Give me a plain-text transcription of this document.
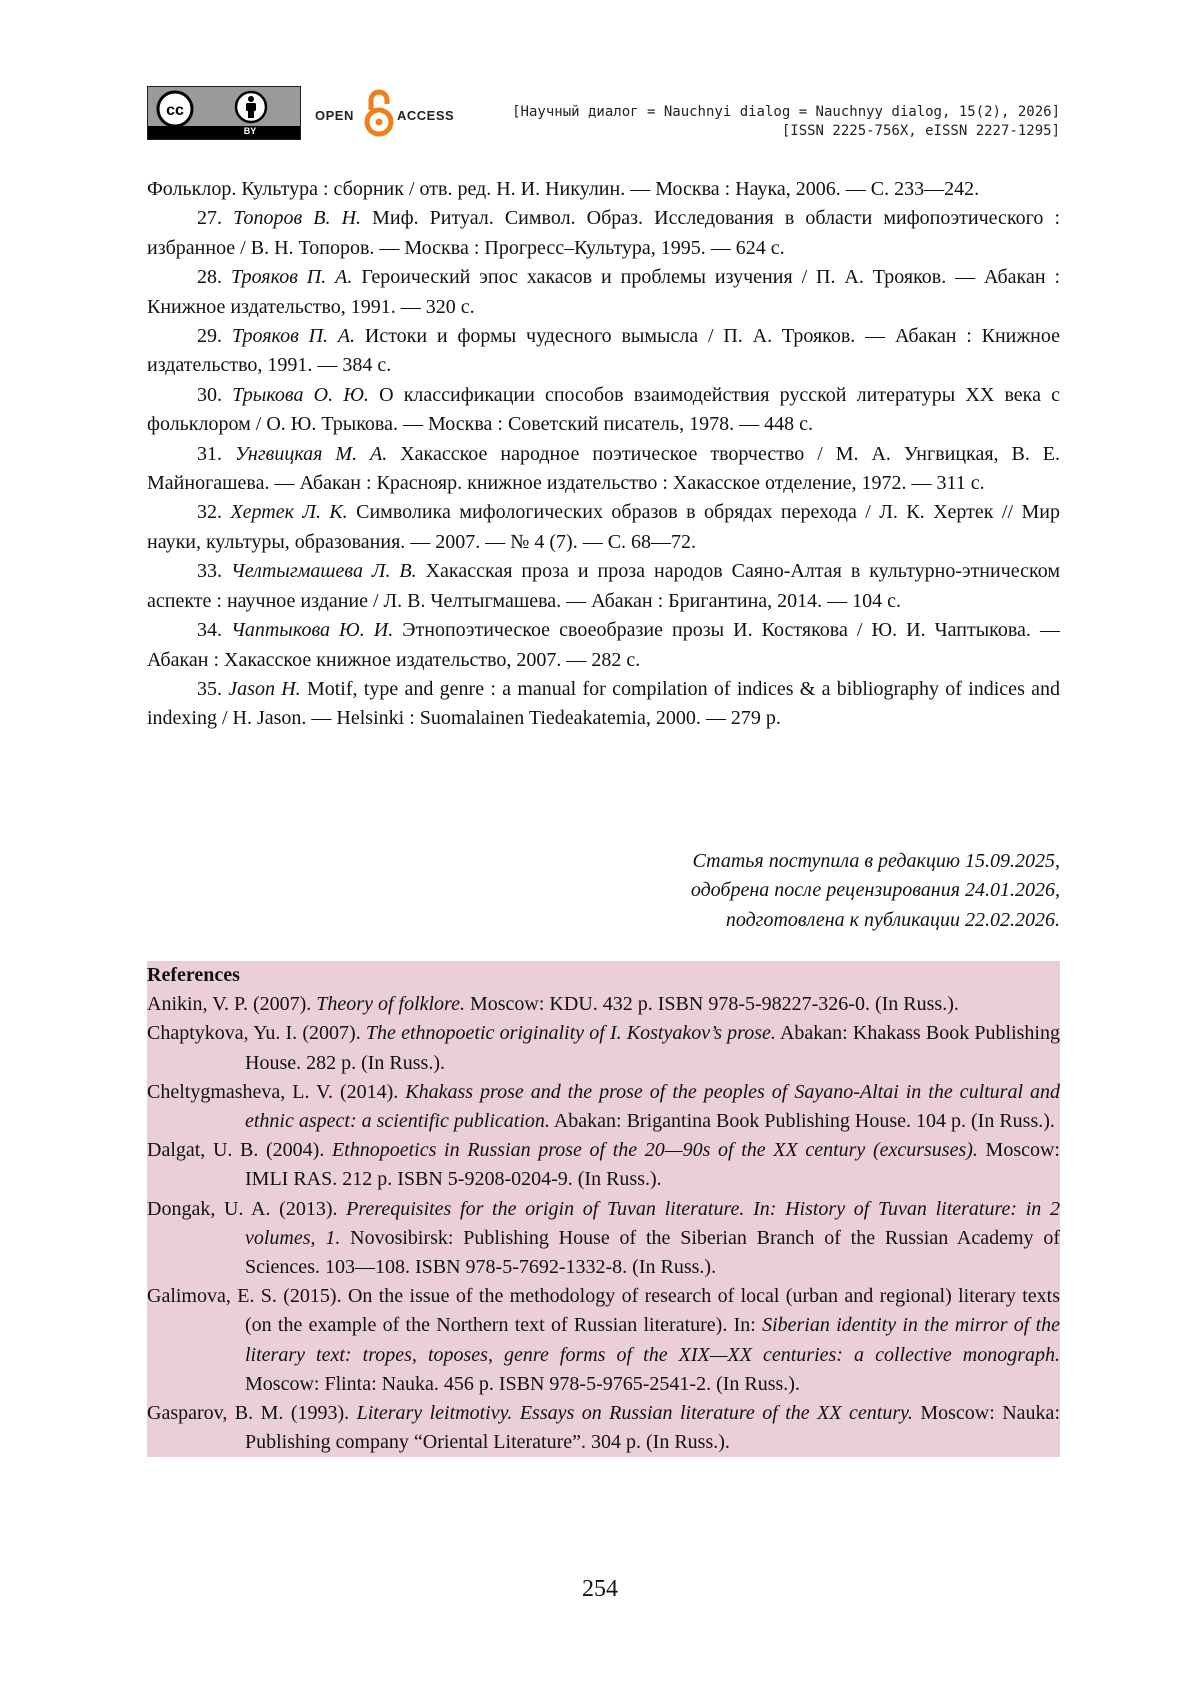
cc
BY
OPEN	ACCESS	[Научный диалог = Nauchnyi dialog = Nauchnyy dialog, 15(2), 2026]
[ISSN 2225-756X, eISSN 2227-1295]

Фольклор. Культура : сборник / отв. ред. Н. И. Никулин. — Москва : Наука, 2006. — С. 233—242.

27. Топоров В. Н. Миф. Ритуал. Символ. Образ. Исследования в области мифопоэтического : избранное / В. Н. Топоров. — Москва : Прогресс–Культура, 1995. — 624 с.

28. Трояков П. А. Героический эпос хакасов и проблемы изучения / П. А. Трояков. — Абакан : Книжное издательство, 1991. — 320 с.

29. Трояков П. А. Истоки и формы чудесного вымысла / П. А. Трояков. — Абакан : Книжное издательство, 1991. — 384 с.

30. Трыкова О. Ю. О классификации способов взаимодействия русской литературы XX века с фольклором / О. Ю. Трыкова. — Москва : Советский писатель, 1978. — 448 с.

31. Унгвицкая М. А. Хакасское народное поэтическое творчество / М. А. Унгвицкая, В. Е. Майногашева. — Абакан : Краснояр. книжное издательство : Хакасское отделение, 1972. — 311 с.

32. Хертек Л. К. Символика мифологических образов в обрядах перехода / Л. К. Хертек // Мир науки, культуры, образования. — 2007. — № 4 (7). — С. 68—72.

33. Челтыгмашева Л. В. Хакасская проза и проза народов Саяно-Алтая в культурно-этническом аспекте : научное издание / Л. В. Челтыгмашева. — Абакан : Бригантина, 2014. — 104 с.

34. Чаптыкова Ю. И. Этнопоэтическое своеобразие прозы И. Костякова / Ю. И. Чаптыкова. — Абакан : Хакасское книжное издательство, 2007. — 282 с.

35. Jason H. Motif, type and genre : a manual for compilation of indices & a bibliography of indices and indexing / H. Jason. — Helsinki : Suomalainen Tiedeakatemia, 2000. — 279 p.

Статья поступила в редакцию 15.09.2025,
одобрена после рецензирования 24.01.2026,
подготовлена к публикации 22.02.2026.
References

Anikin, V. P. (2007). Theory of folklore. Moscow: KDU. 432 p. ISBN 978-5-98227-326-0. (In Russ.).

Chaptykova, Yu. I. (2007). The ethnopoetic originality of I. Kostyakov’s prose. Abakan: Khakass Book Publishing House. 282 p. (In Russ.).

Cheltygmasheva, L. V. (2014). Khakass prose and the prose of the peoples of Sayano-Altai in the cultural and ethnic aspect: a scientific publication. Abakan: Brigantina Book Publishing House. 104 p. (In Russ.).

Dalgat, U. B. (2004). Ethnopoetics in Russian prose of the 20—90s of the XX century (excursuses). Moscow: IMLI RAS. 212 p. ISBN 5-9208-0204-9. (In Russ.).

Dongak, U. A. (2013). Prerequisites for the origin of Tuvan literature. In: History of Tuvan literature: in 2 volumes, 1. Novosibirsk: Publishing House of the Siberian Branch of the Russian Academy of Sciences. 103—108. ISBN 978-5-7692-1332-8. (In Russ.).

Galimova, E. S. (2015). On the issue of the methodology of research of local (urban and regional) literary texts (on the example of the Northern text of Russian literature). In: Siberian identity in the mirror of the literary text: tropes, toposes, genre forms of the XIX—XX centuries: a collective monograph. Moscow: Flinta: Nauka. 456 p. ISBN 978-5-9765-2541-2. (In Russ.).

Gasparov, B. M. (1993). Literary leitmotivy. Essays on Russian literature of the XX century. Moscow: Nauka: Publishing company “Oriental Literature”. 304 p. (In Russ.).

254
